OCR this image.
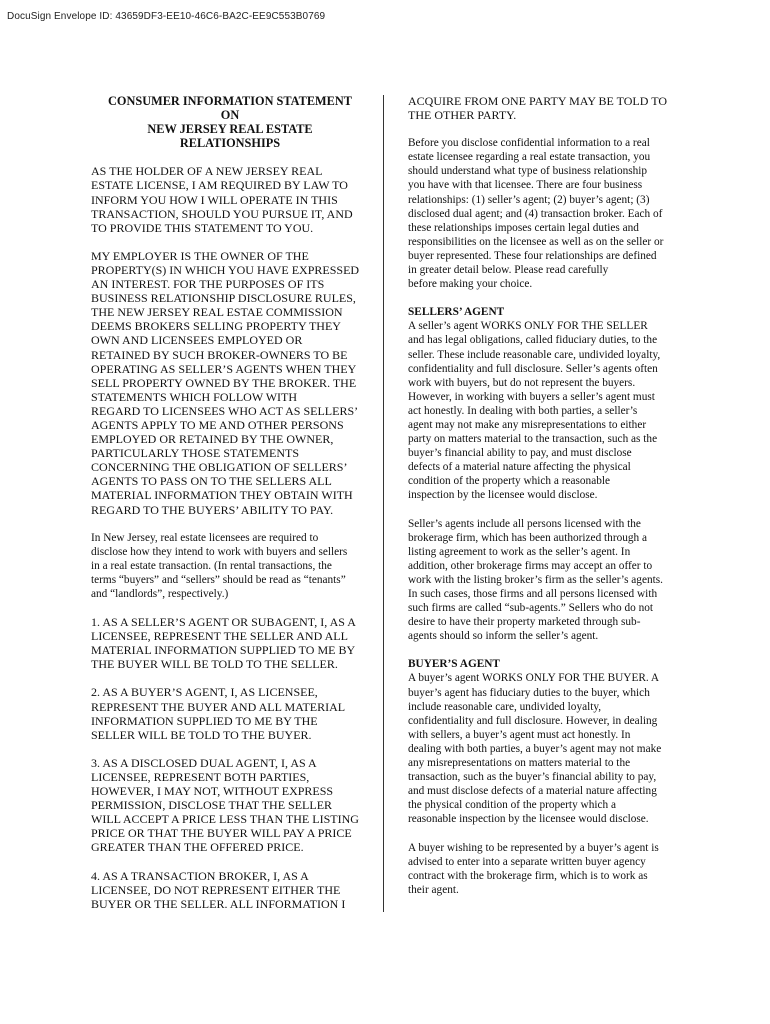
DocuSign Envelope ID: 43659DF3-EE10-46C6-BA2C-EE9C553B0769
CONSUMER INFORMATION STATEMENT
ON
NEW JERSEY REAL ESTATE
RELATIONSHIPS

AS THE HOLDER OF A NEW JERSEY REAL
ESTATE LICENSE, I AM REQUIRED BY LAW TO
INFORM YOU HOW I WILL OPERATE IN THIS
TRANSACTION, SHOULD YOU PURSUE IT, AND
TO PROVIDE THIS STATEMENT TO YOU.

MY EMPLOYER IS THE OWNER OF THE
PROPERTY(S) IN WHICH YOU HAVE EXPRESSED
AN INTEREST. FOR THE PURPOSES OF ITS
BUSINESS RELATIONSHIP DISCLOSURE RULES,
THE NEW JERSEY REAL ESTAE COMMISSION
DEEMS BROKERS SELLING PROPERTY THEY
OWN AND LICENSEES EMPLOYED OR
RETAINED BY SUCH BROKER-OWNERS TO BE
OPERATING AS SELLER’S AGENTS WHEN THEY
SELL PROPERTY OWNED BY THE BROKER. THE
STATEMENTS WHICH FOLLOW WITH
REGARD TO LICENSEES WHO ACT AS SELLERS’
AGENTS APPLY TO ME AND OTHER PERSONS
EMPLOYED OR RETAINED BY THE OWNER,
PARTICULARLY THOSE STATEMENTS
CONCERNING THE OBLIGATION OF SELLERS’
AGENTS TO PASS ON TO THE SELLERS ALL
MATERIAL INFORMATION THEY OBTAIN WITH
REGARD TO THE BUYERS’ ABILITY TO PAY.

In New Jersey, real estate licensees are required to
disclose how they intend to work with buyers and sellers
in a real estate transaction. (In rental transactions, the
terms “buyers” and “sellers” should be read as “tenants”
and “landlords”, respectively.)

1. AS A SELLER’S AGENT OR SUBAGENT, I, AS A
LICENSEE, REPRESENT THE SELLER AND ALL
MATERIAL INFORMATION SUPPLIED TO ME BY
THE BUYER WILL BE TOLD TO THE SELLER.

2. AS A BUYER’S AGENT, I, AS LICENSEE,
REPRESENT THE BUYER AND ALL MATERIAL
INFORMATION SUPPLIED TO ME BY THE
SELLER WILL BE TOLD TO THE BUYER.

3. AS A DISCLOSED DUAL AGENT, I, AS A
LICENSEE, REPRESENT BOTH PARTIES,
HOWEVER, I MAY NOT, WITHOUT EXPRESS
PERMISSION, DISCLOSE THAT THE SELLER
WILL ACCEPT A PRICE LESS THAN THE LISTING
PRICE OR THAT THE BUYER WILL PAY A PRICE
GREATER THAN THE OFFERED PRICE.

4. AS A TRANSACTION BROKER, I, AS A
LICENSEE, DO NOT REPRESENT EITHER THE
BUYER OR THE SELLER. ALL INFORMATION I

ACQUIRE FROM ONE PARTY MAY BE TOLD TO
THE OTHER PARTY.

Before you disclose confidential information to a real
estate licensee regarding a real estate transaction, you
should understand what type of business relationship
you have with that licensee. There are four business
relationships: (1) seller’s agent; (2) buyer’s agent; (3)
disclosed dual agent; and (4) transaction broker. Each of
these relationships imposes certain legal duties and
responsibilities on the licensee as well as on the seller or
buyer represented. These four relationships are defined
in greater detail below. Please read carefully
before making your choice.

SELLERS’ AGENT
A seller’s agent WORKS ONLY FOR THE SELLER
and has legal obligations, called fiduciary duties, to the
seller. These include reasonable care, undivided loyalty,
confidentiality and full disclosure. Seller’s agents often
work with buyers, but do not represent the buyers.
However, in working with buyers a seller’s agent must
act honestly. In dealing with both parties, a seller’s
agent may not make any misrepresentations to either
party on matters material to the transaction, such as the
buyer’s financial ability to pay, and must disclose
defects of a material nature affecting the physical
condition of the property which a reasonable
inspection by the licensee would disclose.

Seller’s agents include all persons licensed with the
brokerage firm, which has been authorized through a
listing agreement to work as the seller’s agent. In
addition, other brokerage firms may accept an offer to
work with the listing broker’s firm as the seller’s agents.
In such cases, those firms and all persons licensed with
such firms are called “sub-agents.” Sellers who do not
desire to have their property marketed through sub-
agents should so inform the seller’s agent.

BUYER’S AGENT
A buyer’s agent WORKS ONLY FOR THE BUYER. A
buyer’s agent has fiduciary duties to the buyer, which
include reasonable care, undivided loyalty,
confidentiality and full disclosure. However, in dealing
with sellers, a buyer’s agent must act honestly. In
dealing with both parties, a buyer’s agent may not make
any misrepresentations on matters material to the
transaction, such as the buyer’s financial ability to pay,
and must disclose defects of a material nature affecting
the physical condition of the property which a
reasonable inspection by the licensee would disclose.

A buyer wishing to be represented by a buyer’s agent is
advised to enter into a separate written buyer agency
contract with the brokerage firm, which is to work as
their agent.
